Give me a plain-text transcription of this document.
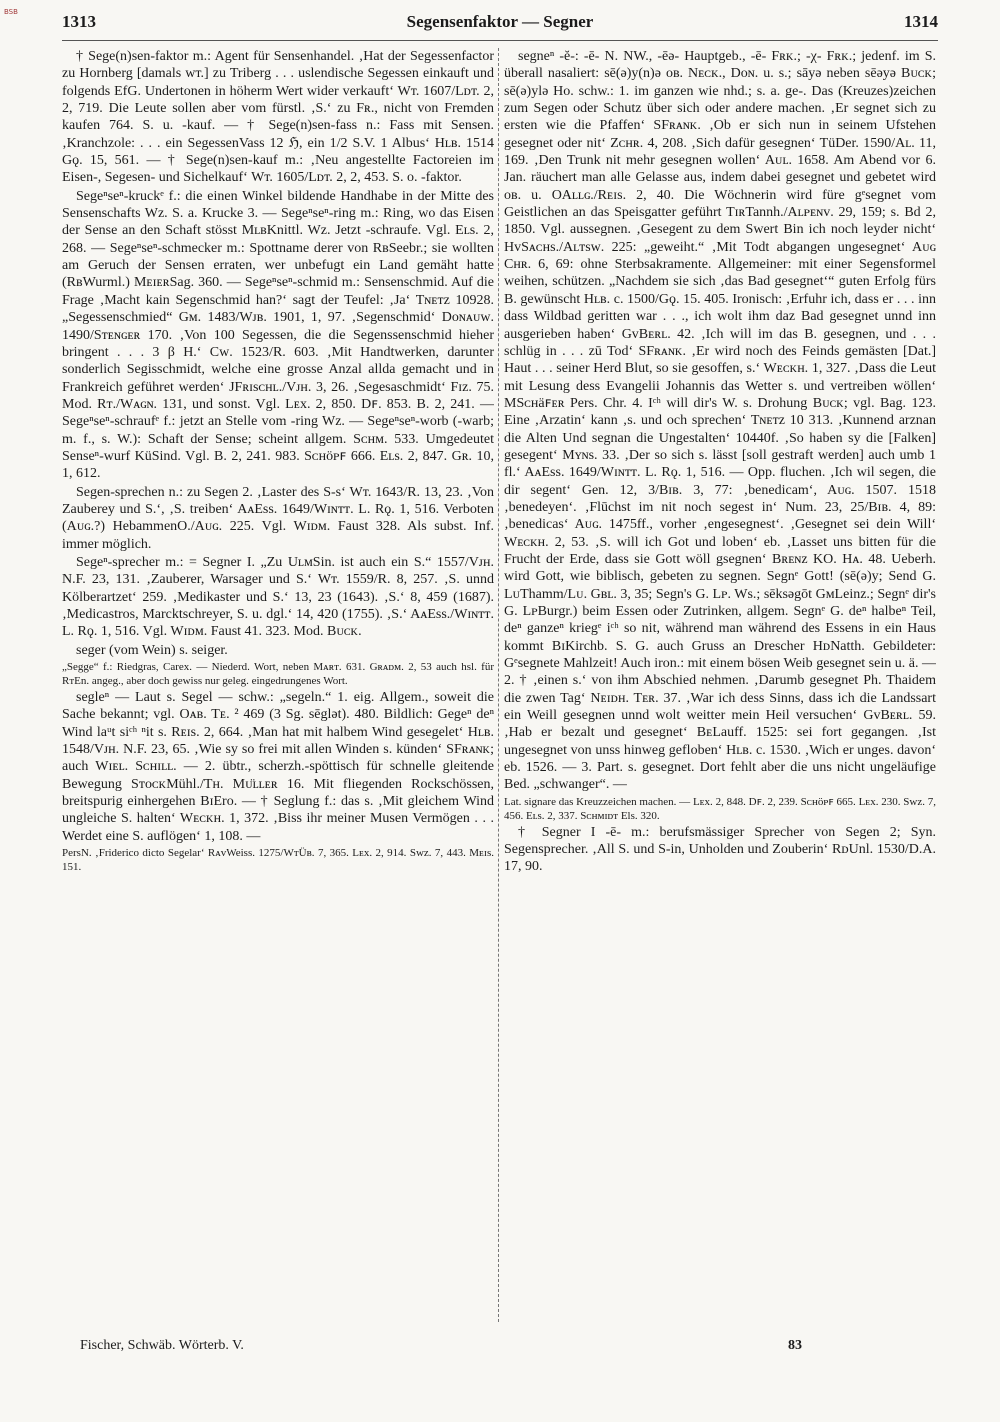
BSB	1313	Segensenfaktor — Segner	1314

† Sege(n)sen-faktor m.: Agent für Sensenhandel. ‚Hat der Segessenfactor zu Hornberg [damals wт.] zu Triberg . . . uslendische Segessen einkauft und folgends EfG. Undertonen in höherm Wert wider verkauft‘ Wт. 1607/Lᴅт. 2, 2, 719. Die Leute sollen aber vom fürstl. ‚S.‘ zu Fʀ., nicht von Fremden kaufen 764. S. u. -kauf. — † Sege(n)sen-fass n.: Fass mit Sensen. ‚Kranchzole: . . . ein SegessenVass 12 ℌ, ein 1/2 S.V. 1 Albus‘ Hʟʙ. 1514 Gǫ. 15, 561. — † Sege(n)sen-kauf m.: ‚Neu angestellte Factoreien im Eisen-, Segesen- und Sichelkauf‘ Wт. 1605/Lᴅт. 2, 2, 453. S. o. -faktor.

Segeⁿseⁿ-kruckᵉ f.: die einen Winkel bildende Handhabe in der Mitte des Sensenschafts Wz. S. a. Krucke 3. — Segeⁿseⁿ-ring m.: Ring, wo das Eisen der Sense an den Schaft stösst MʟʙKnittl. Wz. Jetzt -schraufe. Vgl. Eʟs. 2, 268. — Segeⁿseⁿ-schmecker m.: Spottname derer von RʙSeebr.; sie wollten am Geruch der Sensen erraten, wer unbefugt ein Land gemäht hatte (RʙWurml.) MᴇɪᴇʀSag. 360. — Segeⁿseⁿ-schmid m.: Sensenschmid. Auf die Frage ‚Macht kain Segenschmid han?‘ sagt der Teufel: ‚Ja‘ Tɴᴇᴛᴢ 10928. „Segessenschmied“ Gᴍ. 1483/Wᴊʙ. 1901, 1, 97. ‚Segenschmid‘ Dᴏɴᴀᴜᴡ. 1490/Sᴛᴇɴɢᴇʀ 170. ‚Von 100 Segessen, die die Segenssenschmid hieher bringent . . . 3 β H.‘ Cᴡ. 1523/R. 603. ‚Mit Handtwerken, darunter sonderlich Segisschmidt, welche eine grosse Anzal allda gemacht und in Frankreich geführet werden‘ JFʀɪsᴄʜʟ./Vᴊʜ. 3, 26. ‚Segesaschmidt‘ Fɪᴢ. 75. Mod. Rᴛ./Wᴀɢɴ. 131, und sonst. Vgl. Lᴇx. 2, 850. Dꜰ. 853. B. 2, 241. — Segeⁿseⁿ-schraufᵉ f.: jetzt an Stelle vom -ring Wz. — Segeⁿseⁿ-worb (-warb; m. f., s. W.): Schaft der Sense; scheint allgem. Sᴄʜᴍ. 533. Umgedeutet Senseⁿ-wurf KüSind. Vgl. B. 2, 241. 983. Sᴄʜöᴘꜰ 666. Eʟs. 2, 847. Gʀ. 10, 1, 612.

Segen-sprechen n.: zu Segen 2. ‚Laster des S-s‘ Wт. 1643/R. 13, 23. ‚Von Zauberey und S.‘, ‚S. treiben‘ AᴀEss. 1649/Wɪɴᴛᴛ. L. Rǫ. 1, 516. Verboten (Aᴜɢ.?) HebammenO./Aᴜɢ. 225. Vgl. Wɪᴅᴍ. Faust 328. Als subst. Inf. immer möglich.

Segeⁿ-sprecher m.: = Segner I. „Zu UʟᴍSin. ist auch ein S.“ 1557/Vᴊʜ. N.F. 23, 131. ‚Zauberer, Warsager und S.‘ Wт. 1559/R. 8, 257. ‚S. unnd Kölberartzet‘ 259. ‚Medikaster und S.‘ 13, 23 (1643). ‚S.‘ 8, 459 (1687). ‚Medicastros, Marcktschreyer, S. u. dgl.‘ 14, 420 (1755). ‚S.‘ AᴀEss./Wɪɴᴛᴛ. L. Rǫ. 1, 516. Vgl. Wɪᴅᴍ. Faust 41. 323. Mod. Bᴜᴄᴋ.

seger (vom Wein) s. seiger.

„Segge“ f.: Riedgras, Carex. — Niederd. Wort, neben Mᴀʀᴛ. 631. Gʀᴀᴅᴍ. 2, 53 auch hsl. für RᴛEn. angeg., aber doch gewiss nur geleg. eingedrungenes Wort.

segleⁿ — Laut s. Segel — schw.: „segeln.“ 1. eig. Allgem., soweit die Sache bekannt; vgl. Oᴀʙ. Tᴇ. ² 469 (3 Sg. sēglət). 480. Bildlich: Gegeⁿ deⁿ Wind laᵘt siᶜʰ ⁿit s. Rᴇɪs. 2, 664. ‚Man hat mit halbem Wind gesegelet‘ Hʟʙ. 1548/Vᴊʜ. N.F. 23, 65. ‚Wie sy so frei mit allen Winden s. künden‘ SFʀᴀɴᴋ; auch Wɪᴇʟ. Sᴄʜɪʟʟ. — 2. übtr., scherzh.-spöttisch für schnelle gleitende Bewegung SᴛᴏᴄᴋMühl./Tʜ. Mᴜ̈ʟʟᴇʀ 16. Mit fliegenden Rockschössen, breitspurig einhergehen BɪEro. — † Seglung f.: das s. ‚Mit gleichem Wind ungleiche S. halten‘ Wᴇᴄᴋʜ. 1, 372. ‚Biss ihr meiner Musen Vermögen . . . Werdet eine S. auflögen‘ 1, 108. —

PersN. ‚Friderico dicto Segelar‘ RᴀᴠWeiss. 1275/WᴛÜʙ. 7, 365. Lᴇx. 2, 914. Sᴡᴢ. 7, 443. Mᴇɪs. 151.

segneⁿ -ĕ-: -ē- N. NW., -ēə- Hauptgeb., -ē- Fʀᴋ.; -χ- Fʀᴋ.; jedenf. im S. überall nasaliert: sē(ə)y(n)ə oʙ. Nᴇᴄᴋ., Dᴏɴ. u. s.; sāyə neben sēəyə Bᴜᴄᴋ; sē(ə)ylə Ho. schw.: 1. im ganzen wie nhd.; s. a. ge-. Das (Kreuzes)zeichen zum Segen oder Schutz über sich oder andere machen. ‚Er segnet sich zu ersten wie die Pfaffen‘ SFʀᴀɴᴋ. ‚Ob er sich nun in seinem Ufstehen gesegnet oder nit‘ Zᴄʜʀ. 4, 208. ‚Sich dafür gesegnen‘ TüDer. 1590/Aʟ. 11, 169. ‚Den Trunk nit mehr gesegnen wollen‘ Aᴜʟ. 1658. Am Abend vor 6. Jan. räuchert man alle Gelasse aus, indem dabei gesegnet und gebetet wird oʙ. u. OAʟʟɢ./Rᴇɪs. 2, 40. Die Wöchnerin wird füre gᵉsegnet vom Geistlichen an das Speisgatter geführt TɪʀTannh./Aʟᴘᴇɴᴠ. 29, 159; s. Bd 2, 1850. Vgl. aussegnen. ‚Gesegent zu dem Swert Bin ich noch leyder nicht‘ HᴠSᴀᴄʜs./Aʟᴛsᴡ. 225: „geweiht.“ ‚Mit Todt abgangen ungesegnet‘ Aᴜɢ Cʜʀ. 6, 69: ohne Sterbsakramente. Allgemeiner: mit einer Segensformel weihen, schützen. „Nachdem sie sich ‚das Bad gesegnet‘“ guten Erfolg fürs B. gewünscht Hʟʙ. c. 1500/Gǫ. 15. 405. Ironisch: ‚Erfuhr ich, dass er . . . inn dass Wildbad geritten war . . ., ich wolt ihm daz Bad gesegnet unnd inn ausgerieben haben‘ GᴠBᴇʀʟ. 42. ‚Ich will im das B. gesegnen, und . . . schlüg in . . . zū Tod‘ SFʀᴀɴᴋ. ‚Er wird noch des Feinds gemästen [Dat.] Haut . . . seiner Herd Blut, so sie gesoffen, s.‘ Wᴇᴄᴋʜ. 1, 327. ‚Dass die Leut mit Lesung dess Evangelii Johannis das Wetter s. und vertreiben wöllen‘ MSᴄʜäꜰᴇʀ Pers. Chr. 4. Iᶜʰ will dir's W. s. Drohung Bᴜᴄᴋ; vgl. Bag. 123. Eine ‚Arzatin‘ kann ‚s. und och sprechen‘ Tɴᴇᴛᴢ 10 313. ‚Kunnend arznan die Alten Und segnan die Ungestalten‘ 10440f. ‚So haben sy die [Falken] gesegent‘ Mʏɴs. 33. ‚Der so sich s. lässt [soll gestraft werden] auch umb 1 fl.‘ AᴀEss. 1649/Wɪɴᴛᴛ. L. Rǫ. 1, 516. — Opp. fluchen. ‚Ich wil segen, die dir segent‘ Gen. 12, 3/Bɪʙ. 3, 77: ‚benedicam‘, Aᴜɢ. 1507. 1518 ‚benedeyen‘. ‚Flūchst im nit noch segest in‘ Num. 23, 25/Bɪʙ. 4, 89: ‚benedicas‘ Aᴜɢ. 1475ff., vorher ‚engesegnest‘. ‚Gesegnet sei dein Will‘ Wᴇᴄᴋʜ. 2, 53. ‚S. will ich Got und loben‘ eb. ‚Lasset uns bitten für die Frucht der Erde, dass sie Gott wöll gsegnen‘ Bʀᴇɴᴢ KO. Hᴀ. 48. Ueberh. wird Gott, wie biblisch, gebeten zu segnen. Segnᵉ Gott! (sē(ə)y; Send G. LᴜThamm/Lᴜ. Gʙʟ. 3, 35; Segn's G. Lᴘ. Ws.; sēksəgōt GᴍLeinz.; Segnᵉ dir's G. LᴘBurgr.) beim Essen oder Zutrinken, allgem. Segnᵉ G. deⁿ halbeⁿ Teil, deⁿ ganzeⁿ kriegᵉ iᶜʰ so nit, während man während des Essens in ein Haus kommt BɪKirchb. S. G. auch Gruss an Drescher HᴅNatth. Gebildeter: Gᵉsegnete Mahlzeit! Auch iron.: mit einem bösen Weib gesegnet sein u. ä. — 2. † ‚einen s.‘ von ihm Abschied nehmen. ‚Darumb gesegnet Ph. Thaidem die zwen Tag‘ Nᴇɪᴅʜ. Tᴇʀ. 37. ‚War ich dess Sinns, dass ich die Landssart ein Weill gesegnen unnd wolt weitter mein Heil versuchen‘ GᴠBᴇʀʟ. 59. ‚Hab er bezalt und gesegnet‘ BᴇLauff. 1525: sei fort gegangen. ‚Ist ungesegnet von unss hinweg gefloben‘ Hʟʙ. c. 1530. ‚Wich er unges. davon‘ eb. 1526. — 3. Part. s. gesegnet. Dort fehlt aber die uns nicht ungeläufige Bed. „schwanger“. —

Lat. signare das Kreuzzeichen machen. — Lᴇx. 2, 848. Dꜰ. 2, 239. Sᴄʜöᴘꜰ 665. Lᴇx. 230. Sᴡᴢ. 7, 456. Eʟs. 2, 337. Sᴄʜᴍɪᴅᴛ Els. 320.

† Segner I -ē- m.: berufsmässiger Sprecher von Segen 2; Syn. Segensprecher. ‚All S. und S-in, Unholden und Zouberin‘ RᴅUnl. 1530/D.A. 17, 90.

Fischer, Schwäb. Wörterb. V.	83
